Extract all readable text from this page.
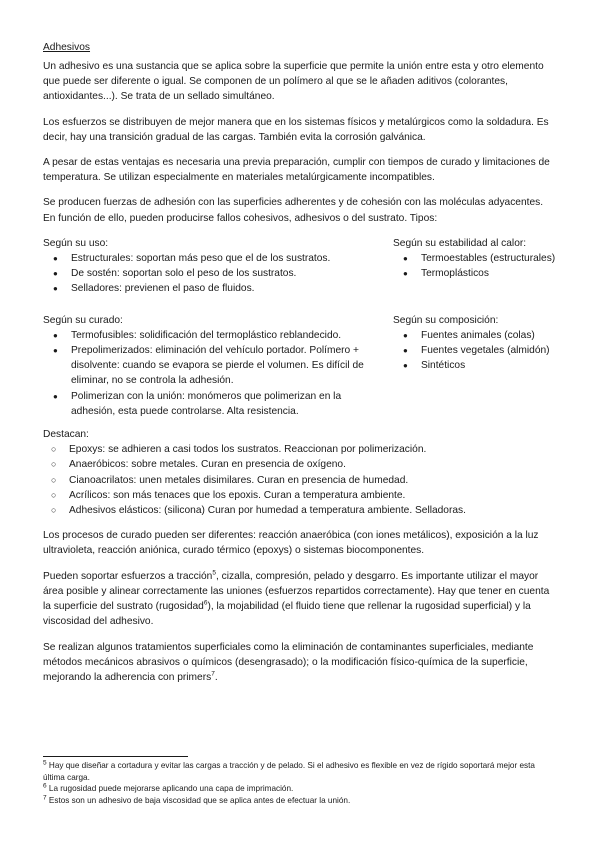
Adhesivos

Un adhesivo es una sustancia que se aplica sobre la superficie que permite la unión entre esta y otro elemento que puede ser diferente o igual. Se componen de un polímero al que se le añaden aditivos (colorantes, antioxidantes...). Se trata de un sellado simultáneo.

Los esfuerzos se distribuyen de mejor manera que en los sistemas físicos y metalúrgicos como la soldadura. Es decir, hay una transición gradual de las cargas. También evita la corrosión galvánica.

A pesar de estas ventajas es necesaria una previa preparación, cumplir con tiempos de curado y limitaciones de temperatura. Se utilizan especialmente en materiales metalúrgicamente incompatibles.

Se producen fuerzas de adhesión con las superficies adherentes y de cohesión con las moléculas adyacentes. En función de ello, pueden producirse fallos cohesivos, adhesivos o del sustrato. Tipos:

Según su uso:

● Estructurales: soportan más peso que el de los sustratos.
● De sostén: soportan solo el peso de los sustratos.
● Selladores: previenen el paso de fluidos.

Según su estabilidad al calor:

● Termoestables (estructurales)
● Termoplásticos

Según su curado:

● Termofusibles: solidificación del termoplástico reblandecido.
● Prepolimerizados: eliminación del vehículo portador. Polímero + disolvente: cuando se evapora se pierde el volumen. Es difícil de eliminar, no se controla la adhesión.
● Polimerizan con la unión: monómeros que polimerizan en la adhesión, esta puede controlarse. Alta resistencia.

Según su composición:

● Fuentes animales (colas)
● Fuentes vegetales (almidón)
● Sintéticos

Destacan:

○ Epoxys: se adhieren a casi todos los sustratos. Reaccionan por polimerización.
○ Anaeróbicos: sobre metales. Curan en presencia de oxígeno.
○ Cianoacrilatos: unen metales disimilares. Curan en presencia de humedad.
○ Acrílicos: son más tenaces que los epoxis. Curan a temperatura ambiente.
○ Adhesivos elásticos: (silicona) Curan por humedad a temperatura ambiente. Selladoras.

Los procesos de curado pueden ser diferentes: reacción anaeróbica (con iones metálicos), exposición a la luz ultravioleta, reacción aniónica, curado térmico (epoxys) o sistemas biocomponentes.

Pueden soportar esfuerzos a tracción$^5$, cizalla, compresión, pelado y desgarro. Es importante utilizar el mayor área posible y alinear correctamente las uniones (esfuerzos repartidos correctamente). Hay que tener en cuenta la superficie del sustrato (rugosidad$^6$), la mojabilidad (el fluido tiene que rellenar la rugosidad superficial) y la viscosidad del adhesivo.

Se realizan algunos tratamientos superficiales como la eliminación de contaminantes superficiales, mediante métodos mecánicos abrasivos o químicos (desengrasado); o la modificación físico-química de la superficie, mejorando la adherencia con primers$^7$.

$^5$ Hay que diseñar a cortadura y evitar las cargas a tracción y de pelado. Si el adhesivo es flexible en vez de rígido soportará mejor esta última carga.

$^6$ La rugosidad puede mejorarse aplicando una capa de imprimación.

$^7$ Estos son un adhesivo de baja viscosidad que se aplica antes de efectuar la unión.
